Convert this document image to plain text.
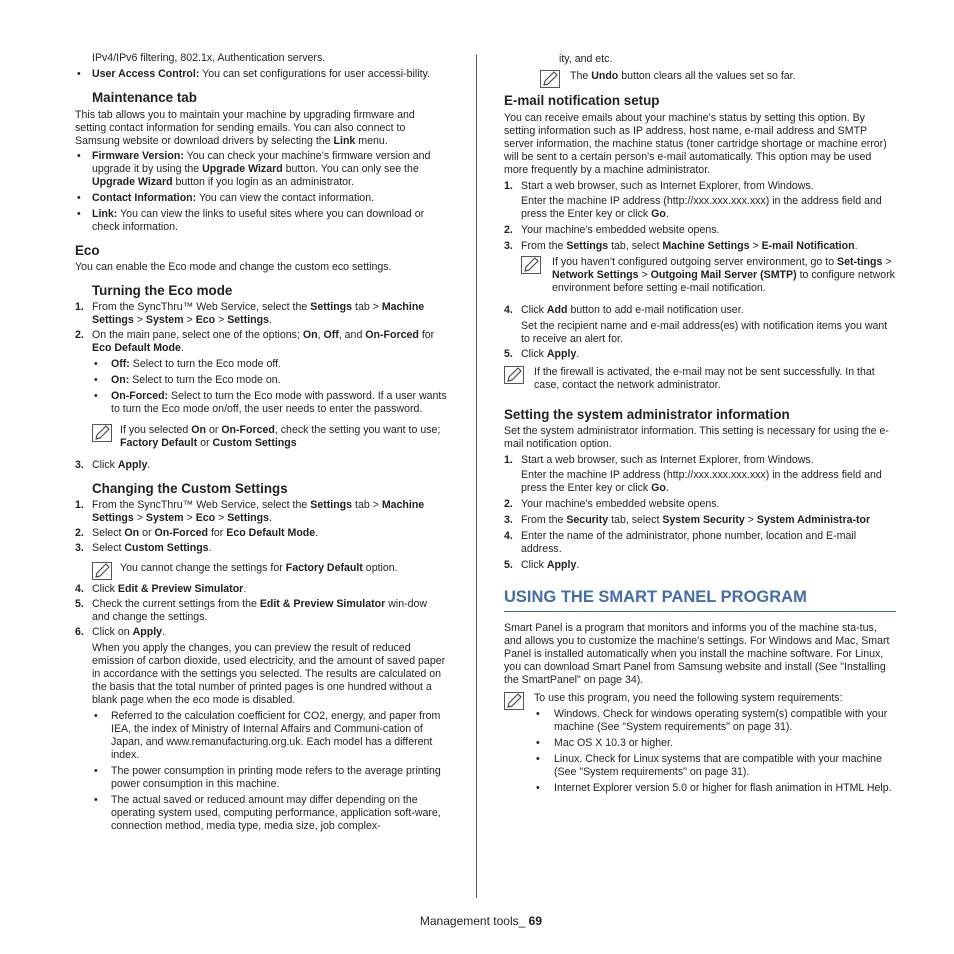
IPv4/IPv6 filtering, 802.1x, Authentication servers.

• User Access Control: You can set configurations for user accessi-bility.

Maintenance tab

This tab allows you to maintain your machine by upgrading firmware and setting contact information for sending emails. You can also connect to Samsung website or download drivers by selecting the Link menu.

• Firmware Version: You can check your machine’s firmware version and upgrade it by using the Upgrade Wizard button. You can only see the Upgrade Wizard button if you login as an administrator.

• Contact Information: You can view the contact information.

• Link: You can view the links to useful sites where you can download or check information.

Eco

You can enable the Eco mode and change the custom eco settings.

Turning the Eco mode

1. From the SyncThru™ Web Service, select the Settings tab > Machine Settings > System > Eco > Settings.

2. On the main pane, select one of the options; On, Off, and On-Forced for Eco Default Mode.

• Off: Select to turn the Eco mode off.

• On: Select to turn the Eco mode on.

• On-Forced: Select to turn the Eco mode with password. If a user wants to turn the Eco mode on/off, the user needs to enter the password.

If you selected On or On-Forced, check the setting you want to use; Factory Default or Custom Settings

3. Click Apply.

Changing the Custom Settings

1. From the SyncThru™ Web Service, select the Settings tab > Machine Settings > System > Eco > Settings.

2. Select On or On-Forced for Eco Default Mode.

3. Select Custom Settings.

You cannot change the settings for Factory Default option.

4. Click Edit & Preview Simulator.

5. Check the current settings from the Edit & Preview Simulator win-dow and change the settings.

6. Click on Apply.

When you apply the changes, you can preview the result of reduced emission of carbon dioxide, used electricity, and the amount of saved paper in accordance with the settings you selected. The results are calculated on the basis that the total number of printed pages is one hundred without a blank page when the eco mode is disabled.

• Referred to the calculation coefficient for CO2, energy, and paper from IEA, the index of Ministry of Internal Affairs and Communi-cation of Japan, and www.remanufacturing.org.uk. Each model has a different index.

• The power consumption in printing mode refers to the average printing power consumption in this machine.

• The actual saved or reduced amount may differ depending on the operating system used, computing performance, application soft-ware, connection method, media type, media size, job complex-

ity, and etc.

The Undo button clears all the values set so far.

E-mail notification setup

You can receive emails about your machine’s status by setting this option. By setting information such as IP address, host name, e-mail address and SMTP server information, the machine status (toner cartridge shortage or machine error) will be sent to a certain person's e-mail automatically. This option may be used more frequently by a machine administrator.

1. Start a web browser, such as Internet Explorer, from Windows.

Enter the machine IP address (http://xxx.xxx.xxx.xxx) in the address field and press the Enter key or click Go.

2. Your machine’s embedded website opens.

3. From the Settings tab, select Machine Settings > E-mail Notification.

If you haven’t configured outgoing server environment, go to Set-tings > Network Settings > Outgoing Mail Server (SMTP) to configure network environment before setting e-mail notification.

4. Click Add button to add e-mail notification user.

Set the recipient name and e-mail address(es) with notification items you want to receive an alert for.

5. Click Apply.

If the firewall is activated, the e-mail may not be sent successfully. In that case, contact the network administrator.

Setting the system administrator information

Set the system administrator information. This setting is necessary for using the e-mail notification option.

1. Start a web browser, such as Internet Explorer, from Windows.

Enter the machine IP address (http://xxx.xxx.xxx.xxx) in the address field and press the Enter key or click Go.

2. Your machine’s embedded website opens.

3. From the Security tab, select System Security > System Administra-tor

4. Enter the name of the administrator, phone number, location and E-mail address.

5. Click Apply.

USING THE SMART PANEL PROGRAM

Smart Panel is a program that monitors and informs you of the machine sta-tus, and allows you to customize the machine’s settings. For Windows and Mac, Smart Panel is installed automatically when you install the machine software. For Linux, you can download Smart Panel from Samsung website and install (See "Installing the SmartPanel" on page 34).

To use this program, you need the following system requirements:

• Windows. Check for windows operating system(s) compatible with your machine (See "System requirements" on page 31).

• Mac OS X 10.3 or higher.

• Linux. Check for Linux systems that are compatible with your machine (See "System requirements" on page 31).

• Internet Explorer version 5.0 or higher for flash animation in HTML Help.

Management tools_ 69
